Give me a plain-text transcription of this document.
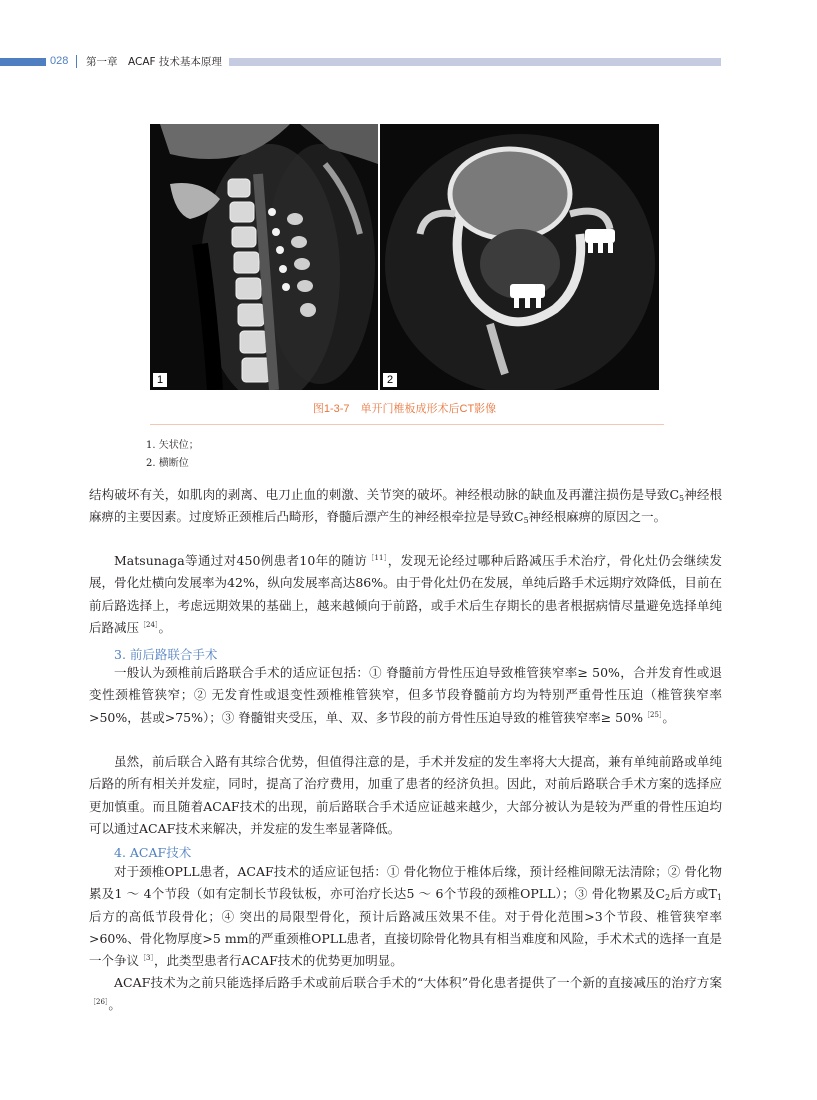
028 第一章　ACAF 技术基本原理
1	2
图1-3-7　单开门椎板成形术后CT影像
1. 矢状位；
2. 横断位
结构破坏有关，如肌肉的剥离、电刀止血的刺激、关节突的破坏。神经根动脉的缺血及再灌注损伤是导致$C_5$神经根麻痹的主要因素。过度矫正颈椎后凸畸形，脊髓后漂产生的神经根牵拉是导致$C_5$神经根麻痹的原因之一。
Matsunaga等通过对450例患者10年的随访$^{[11]}$，发现无论经过哪种后路减压手术治疗，骨化灶仍会继续发展，骨化灶横向发展率为42%，纵向发展率高达86%。由于骨化灶仍在发展，单纯后路手术远期疗效降低，目前在前后路选择上，考虑远期效果的基础上，越来越倾向于前路，或手术后生存期长的患者根据病情尽量避免选择单纯后路减压$^{[24]}$。
3. 前后路联合手术
一般认为颈椎前后路联合手术的适应证包括：① 脊髓前方骨性压迫导致椎管狭窄率≥ 50%，合并发育性或退变性颈椎管狭窄；② 无发育性或退变性颈椎椎管狭窄，但多节段脊髓前方均为特别严重骨性压迫（椎管狭窄率>50%，甚或>75%）；③ 脊髓钳夹受压，单、双、多节段的前方骨性压迫导致的椎管狭窄率≥ 50%$^{[25]}$。
虽然，前后联合入路有其综合优势，但值得注意的是，手术并发症的发生率将大大提高，兼有单纯前路或单纯后路的所有相关并发症，同时，提高了治疗费用，加重了患者的经济负担。因此，对前后路联合手术方案的选择应更加慎重。而且随着ACAF技术的出现，前后路联合手术适应证越来越少，大部分被认为是较为严重的骨性压迫均可以通过ACAF技术来解决，并发症的发生率显著降低。
4. ACAF技术
对于颈椎OPLL患者，ACAF技术的适应证包括：① 骨化物位于椎体后缘，预计经椎间隙无法清除；② 骨化物累及1 ～ 4个节段（如有定制长节段钛板，亦可治疗长达5 ～ 6个节段的颈椎OPLL）；③ 骨化物累及$C_2$后方或$T_1$后方的高低节段骨化；④ 突出的局限型骨化，预计后路减压效果不佳。对于骨化范围>3个节段、椎管狭窄率>60%、骨化物厚度>5 mm的严重颈椎OPLL患者，直接切除骨化物具有相当难度和风险，手术术式的选择一直是一个争议$^{[3]}$，此类型患者行ACAF技术的优势更加明显。
ACAF技术为之前只能选择后路手术或前后联合手术的“大体积”骨化患者提供了一个新的直接减压的治疗方案$^{[26]}$。
